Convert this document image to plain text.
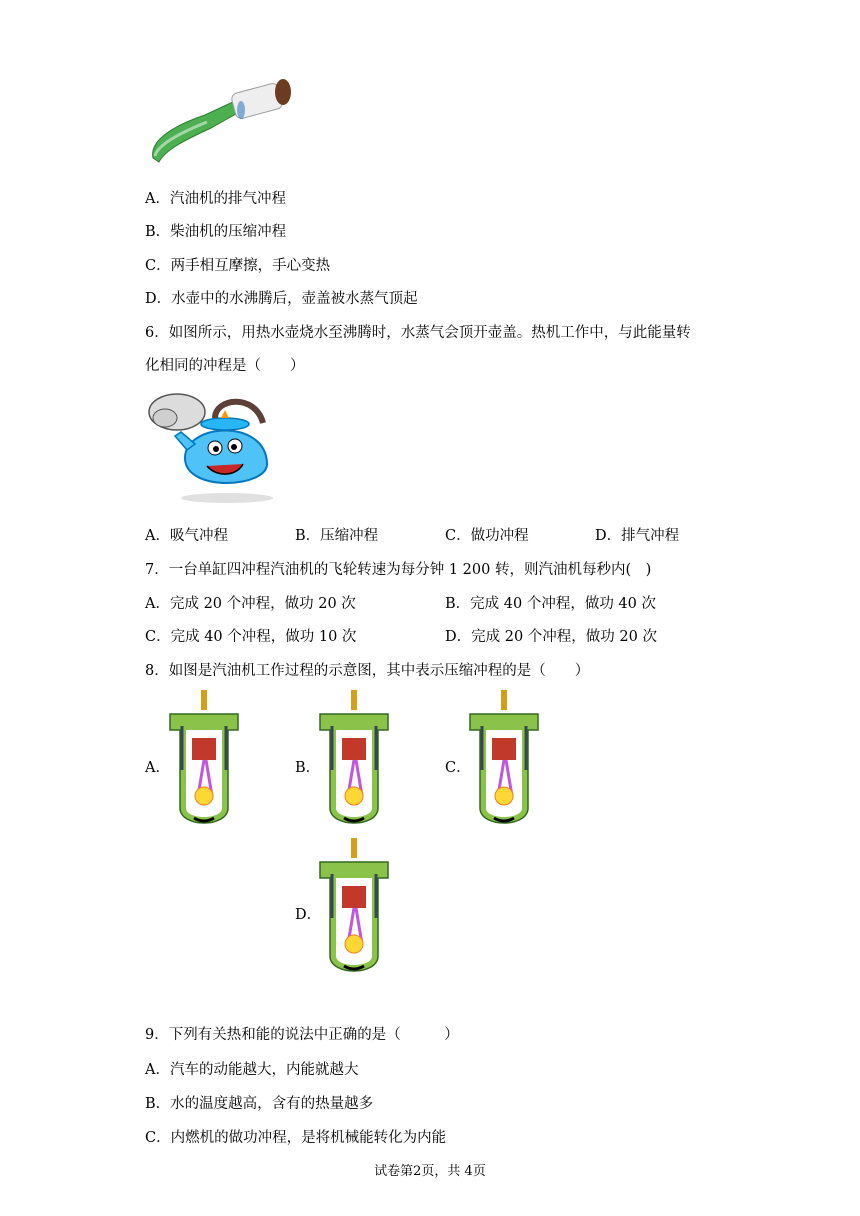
A．汽油机的排气冲程
B．柴油机的压缩冲程
C．两手相互摩擦，手心变热
D．水壶中的水沸腾后，壶盖被水蒸气顶起
6．如图所示，用热水壶烧水至沸腾时，水蒸气会顶开壶盖。热机工作中，与此能量转
化相同的冲程是（　　）
A．吸气冲程	B．压缩冲程	C．做功冲程	D．排气冲程
7．一台单缸四冲程汽油机的飞轮转速为每分钟 1 200 转，则汽油机每秒内(　)
A．完成 20 个冲程，做功 20 次	B．完成 40 个冲程，做功 40 次
C．完成 40 个冲程，做功 10 次	D．完成 20 个冲程，做功 20 次
8．如图是汽油机工作过程的示意图，其中表示压缩冲程的是（　　）
A．	B．	C．
D．
9．下列有关热和能的说法中正确的是（　　　）
A．汽车的动能越大，内能就越大
B．水的温度越高，含有的热量越多
C．内燃机的做功冲程，是将机械能转化为内能
试卷第2页，共 4页
